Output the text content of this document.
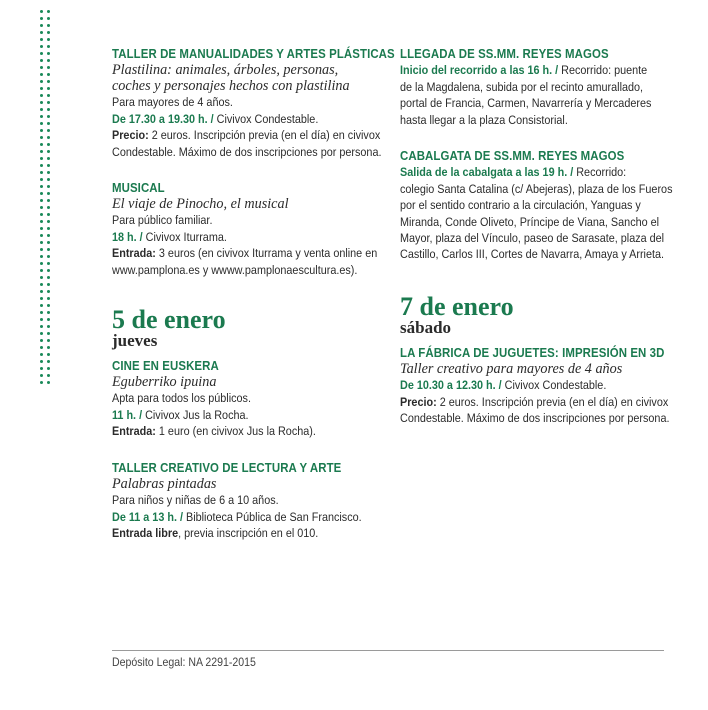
TALLER DE MANUALIDADES Y ARTES PLÁSTICAS
Plastilina: animales, árboles, personas,
coches y personajes hechos con plastilina
Para mayores de 4 años.
De 17.30 a 19.30 h. / Civivox Condestable.
Precio: 2 euros. Inscripción previa (en el día) en civivox
Condestable. Máximo de dos inscripciones por persona.
MUSICAL
El viaje de Pinocho, el musical
Para público familiar.
18 h. / Civivox Iturrama.
Entrada: 3 euros (en civivox Iturrama y venta online en
www.pamplona.es y wwww.pamplonaescultura.es).
5 de enero
jueves
CINE EN EUSKERA
Eguberriko ipuina
Apta para todos los públicos.
11 h. / Civivox Jus la Rocha.
Entrada: 1 euro (en civivox Jus la Rocha).
TALLER CREATIVO DE LECTURA Y ARTE
Palabras pintadas
Para niños y niñas de 6 a 10 años.
De 11 a 13 h. / Biblioteca Pública de San Francisco.
Entrada libre, previa inscripción en el 010.
LLEGADA DE SS.MM. REYES MAGOS
Inicio del recorrido a las 16 h. / Recorrido: puente
de la Magdalena, subida por el recinto amurallado,
portal de Francia, Carmen, Navarrería y Mercaderes
hasta llegar a la plaza Consistorial.
CABALGATA DE SS.MM. REYES MAGOS
Salida de la cabalgata a las 19 h. / Recorrido:
colegio Santa Catalina (c/ Abejeras), plaza de los Fueros
por el sentido contrario a la circulación, Yanguas y
Miranda, Conde Oliveto, Príncipe de Viana, Sancho el
Mayor, plaza del Vínculo, paseo de Sarasate, plaza del
Castillo, Carlos III, Cortes de Navarra, Amaya y Arrieta.
7 de enero
sábado
LA FÁBRICA DE JUGUETES: IMPRESIÓN EN 3D
Taller creativo para mayores de 4 años
De 10.30 a 12.30 h. / Civivox Condestable.
Precio: 2 euros. Inscripción previa (en el día) en civivox
Condestable. Máximo de dos inscripciones por persona.
Depósito Legal: NA 2291-2015
